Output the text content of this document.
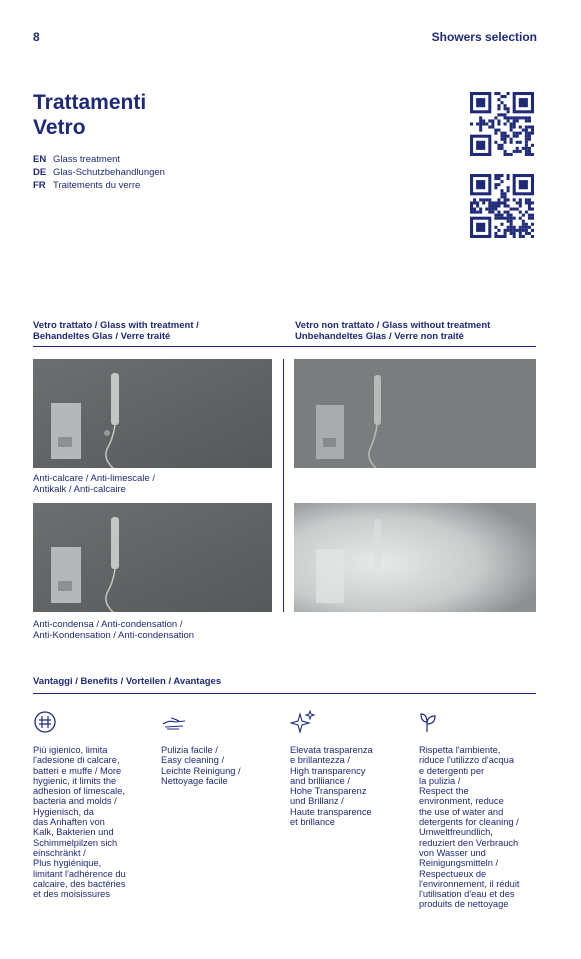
8	Showers selection
Trattamenti
Vetro
EN Glass treatment
DE Glas-Schutzbehandlungen
FR Traitements du verre
Vetro trattato / Glass with treatment /
Behandeltes Glas / Verre traité
Vetro non trattato / Glass without treatment
Unbehandeltes Glas / Verre non traité
Anti-calcare / Anti-limescale /
Antikalk / Anti-calcaire
Anti-condensa / Anti-condensation /
Anti-Kondensation / Anti-condensation
Vantaggi / Benefits / Vorteilen / Avantages
Più igienico, limita
l'adesione di calcare,
batteri e muffe / More
hygienic, it limits the
adhesion of limescale,
bacteria and molds /
Hygienisch, da
das Anhaften von
Kalk, Bakterien und
Schimmelpilzen sich
einschränkt /
Plus hygiénique,
limitant l'adhérence du
calcaire, des bactéries
et des moisissures
Pulizia facile /
Easy cleaning /
Leichte Reinigung /
Nettoyage facile
Elevata trasparenza
e brillantezza /
High transparency
and brilliance /
Hohe Transparenz
und Brillanz /
Haute transparence
et brillance
Rispetta l'ambiente,
riduce l'utilizzo d'acqua
e detergenti per
la pulizia /
Respect the
environment, reduce
the use of water and
detergents for cleaning /
Umweltfreundlich,
reduziert den Verbrauch
von Wasser und
Reinigungsmitteln /
Respectueux de
l'environnement, il réduit
l'utilisation d'eau et des
produits de nettoyage
